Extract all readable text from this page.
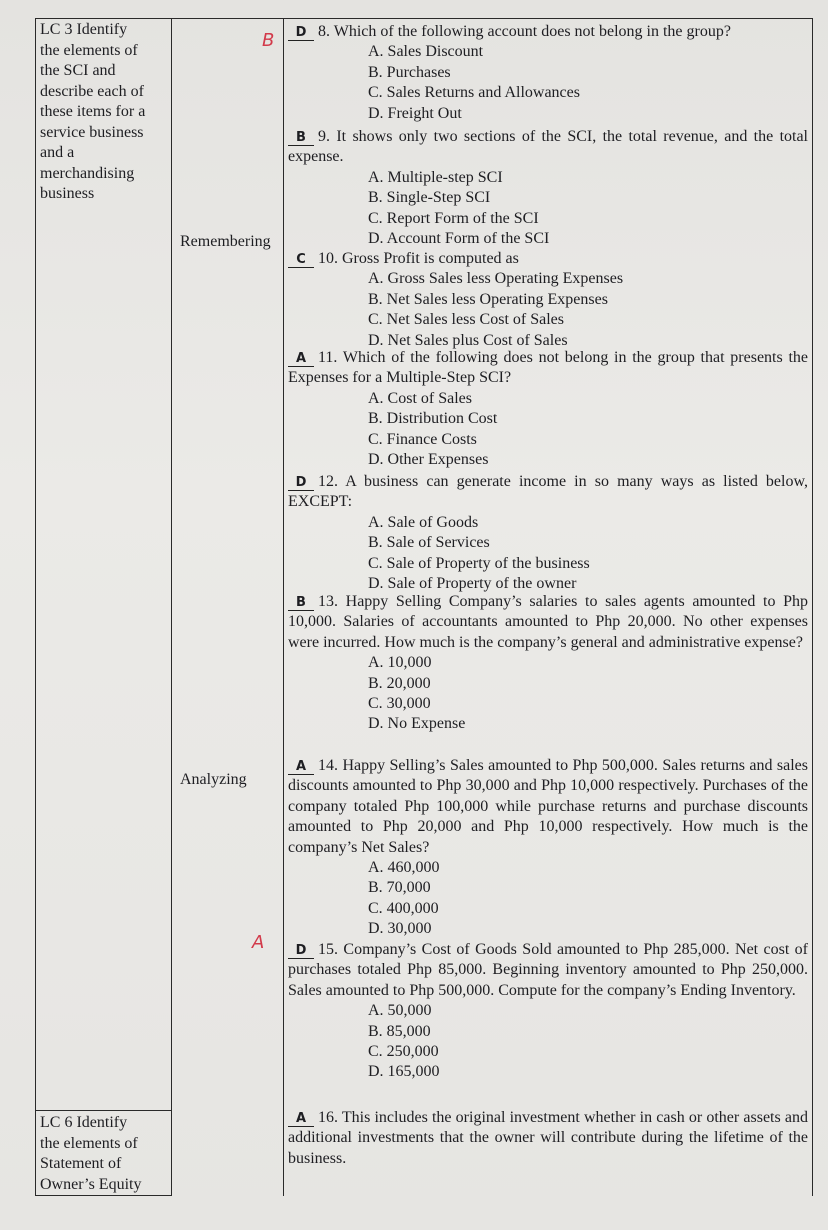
LC 3 Identify
the elements of
the SCI and
describe each of
these items for a
service business
and a
merchandising
business
LC 6 Identify
the elements of
Statement of
Owner’s Equity
Remembering
Analyzing
B
A
D 8. Which of the following account does not belong in the group?
A. Sales Discount
B. Purchases
C. Sales Returns and Allowances
D. Freight Out
B 9. It shows only two sections of the SCI, the total revenue, and the total expense.
A. Multiple-step SCI
B. Single-Step SCI
C. Report Form of the SCI
D. Account Form of the SCI
C 10. Gross Profit is computed as
A. Gross Sales less Operating Expenses
B. Net Sales less Operating Expenses
C. Net Sales less Cost of Sales
D. Net Sales plus Cost of Sales
A 11. Which of the following does not belong in the group that presents the Expenses for a Multiple-Step SCI?
A. Cost of Sales
B. Distribution Cost
C. Finance Costs
D. Other Expenses
D 12. A business can generate income in so many ways as listed below, EXCEPT:
A. Sale of Goods
B. Sale of Services
C. Sale of Property of the business
D. Sale of Property of the owner
B 13. Happy Selling Company’s salaries to sales agents amounted to Php 10,000. Salaries of accountants amounted to Php 20,000. No other expenses were incurred. How much is the company’s general and administrative expense?
A. 10,000
B. 20,000
C. 30,000
D. No Expense
A 14. Happy Selling’s Sales amounted to Php 500,000. Sales returns and sales discounts amounted to Php 30,000 and Php 10,000 respectively. Purchases of the company totaled Php 100,000 while purchase returns and purchase discounts amounted to Php 20,000 and Php 10,000 respectively. How much is the company’s Net Sales?
A. 460,000
B. 70,000
C. 400,000
D. 30,000
D 15. Company’s Cost of Goods Sold amounted to Php 285,000. Net cost of purchases totaled Php 85,000. Beginning inventory amounted to Php 250,000. Sales amounted to Php 500,000. Compute for the company’s Ending Inventory.
A. 50,000
B. 85,000
C. 250,000
D. 165,000
A 16. This includes the original investment whether in cash or other assets and additional investments that the owner will contribute during the lifetime of the business.
